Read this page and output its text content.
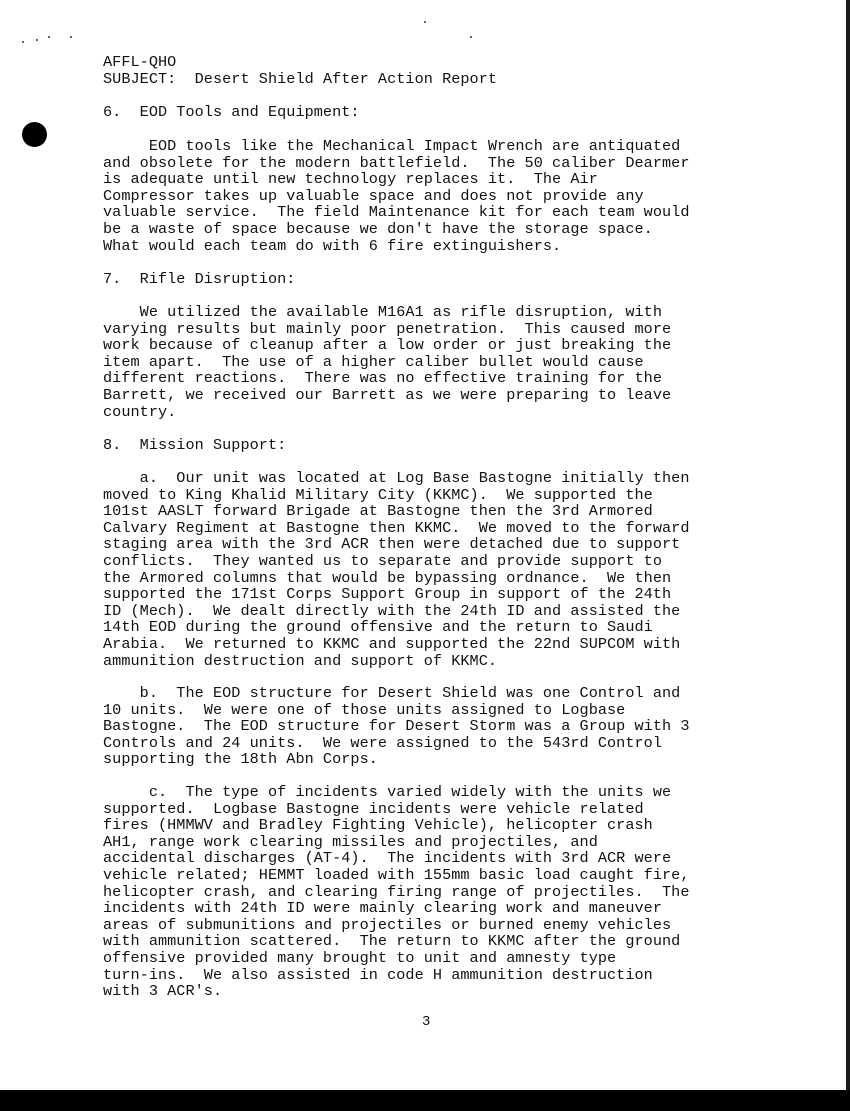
AFFL-QHO
SUBJECT:  Desert Shield After Action Report
6.  EOD Tools and Equipment:
EOD tools like the Mechanical Impact Wrench are antiquated
and obsolete for the modern battlefield.  The 50 caliber Dearmer
is adequate until new technology replaces it.  The Air
Compressor takes up valuable space and does not provide any
valuable service.  The field Maintenance kit for each team would
be a waste of space because we don't have the storage space.
What would each team do with 6 fire extinguishers.
7.  Rifle Disruption:
We utilized the available M16A1 as rifle disruption, with
varying results but mainly poor penetration.  This caused more
work because of cleanup after a low order or just breaking the
item apart.  The use of a higher caliber bullet would cause
different reactions.  There was no effective training for the
Barrett, we received our Barrett as we were preparing to leave
country.
8.  Mission Support:
a.  Our unit was located at Log Base Bastogne initially then
moved to King Khalid Military City (KKMC).  We supported the
101st AASLT forward Brigade at Bastogne then the 3rd Armored
Calvary Regiment at Bastogne then KKMC.  We moved to the forward
staging area with the 3rd ACR then were detached due to support
conflicts.  They wanted us to separate and provide support to
the Armored columns that would be bypassing ordnance.  We then
supported the 171st Corps Support Group in support of the 24th
ID (Mech).  We dealt directly with the 24th ID and assisted the
14th EOD during the ground offensive and the return to Saudi
Arabia.  We returned to KKMC and supported the 22nd SUPCOM with
ammunition destruction and support of KKMC.
b.  The EOD structure for Desert Shield was one Control and
10 units.  We were one of those units assigned to Logbase
Bastogne.  The EOD structure for Desert Storm was a Group with 3
Controls and 24 units.  We were assigned to the 543rd Control
supporting the 18th Abn Corps.
c.  The type of incidents varied widely with the units we
supported.  Logbase Bastogne incidents were vehicle related
fires (HMMWV and Bradley Fighting Vehicle), helicopter crash
AH1, range work clearing missiles and projectiles, and
accidental discharges (AT-4).  The incidents with 3rd ACR were
vehicle related; HEMMT loaded with 155mm basic load caught fire,
helicopter crash, and clearing firing range of projectiles.  The
incidents with 24th ID were mainly clearing work and maneuver
areas of submunitions and projectiles or burned enemy vehicles
with ammunition scattered.  The return to KKMC after the ground
offensive provided many brought to unit and amnesty type
turn-ins.  We also assisted in code H ammunition destruction
with 3 ACR's.
3
